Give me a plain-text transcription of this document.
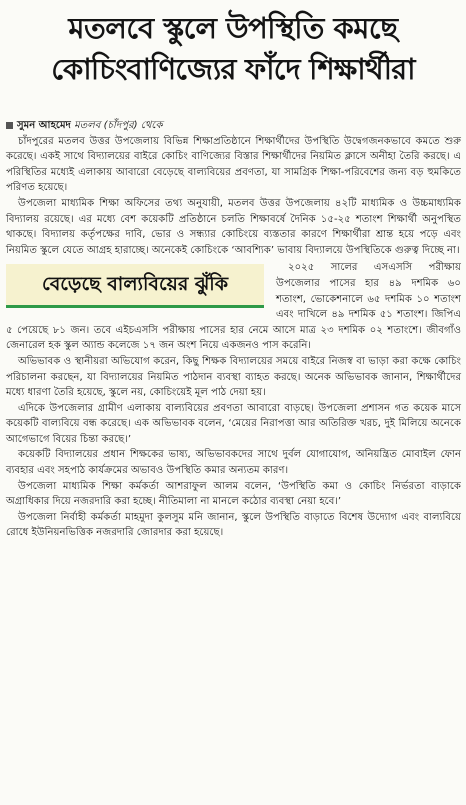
মতলবে স্কুলে উপস্থিতি কমছে
কোচিংবাণিজ্যের ফাঁদে শিক্ষার্থীরা
সুমন আহমেদ মতলব (চাঁদপুর) থেকে

চাঁদপুরের মতলব উত্তর উপজেলায় বিভিন্ন শিক্ষাপ্রতিষ্ঠানে শিক্ষার্থীদের উপস্থিতি উদ্বেগজনকভাবে কমতে শুরু করেছে। একই সাথে বিদ্যালয়ের বাইরে কোচিং বাণিজ্যের বিস্তার শিক্ষার্থীদের নিয়মিত ক্লাসে অনীহা তৈরি করছে। এ পরিস্থিতির মধ্যেই এলাকায় আবারো বেড়েছে বাল্যবিয়ের প্রবণতা, যা সামগ্রিক শিক্ষা-পরিবেশের জন্য বড় হুমকিতে পরিণত হয়েছে।

উপজেলা মাধ্যমিক শিক্ষা অফিসের তথ্য অনুযায়ী, মতলব উত্তর উপজেলায় ৪২টি মাধ্যমিক ও উচ্চমাধ্যমিক বিদ্যালয় রয়েছে। এর মধ্যে বেশ কয়েকটি প্রতিষ্ঠানে চলতি শিক্ষাবর্ষে দৈনিক ১৫-২৫ শতাংশ শিক্ষার্থী অনুপস্থিত থাকছে। বিদ্যালয় কর্তৃপক্ষের দাবি, ভোর ও সন্ধ্যার কোচিংয়ে ব্যস্ততার কারণে শিক্ষার্থীরা শ্রান্ত হয়ে পড়ে এবং নিয়মিত স্কুলে যেতে আগ্রহ হারাচ্ছে। অনেকেই কোচিংকে ‘আবশ্যিক’ ভাবায় বিদ্যালয়ে উপস্থিতিকে গুরুত্ব দিচ্ছে না।

বেড়েছে বাল্যবিয়ের ঝুঁকি

২০২৫ সালের এসএসসি পরীক্ষায় উপজেলার পাসের হার ৪৯ দশমিক ৬০ শতাংশ, ভোকেশনালে ৬৫ দশমিক ১০ শতাংশ এবং দাখিলে ৪৯ দশমিক ৫১ শতাংশ। জিপিএ ৫ পেয়েছে ৮১ জন। তবে এইচএসসি পরীক্ষায় পাসের হার নেমে আসে মাত্র ২৩ দশমিক ০২ শতাংশে। জীবগাঁও জেনারেল হক স্কুল অ্যান্ড কলেজে ১৭ জন অংশ নিয়ে একজনও পাস করেনি।

অভিভাবক ও স্থানীয়রা অভিযোগ করেন, কিছু শিক্ষক বিদ্যালয়ের সময়ে বাইরে নিজস্ব বা ভাড়া করা কক্ষে কোচিং পরিচালনা করছেন, যা বিদ্যালয়ের নিয়মিত পাঠদান ব্যবস্থা ব্যাহত করছে। অনেক অভিভাবক জানান, শিক্ষার্থীদের মধ্যে ধারণা তৈরি হয়েছে, স্কুলে নয়, কোচিংয়েই মূল পাঠ দেয়া হয়।

এদিকে উপজেলার গ্রামীণ এলাকায় বাল্যবিয়ের প্রবণতা আবারো বাড়ছে। উপজেলা প্রশাসন গত কয়েক মাসে কয়েকটি বাল্যবিয়ে বন্ধ করেছে। এক অভিভাবক বলেন, ‘মেয়ের নিরাপত্তা আর অতিরিক্ত খরচ, দুই মিলিয়ে অনেকে আগেভাগে বিয়ের চিন্তা করছে।’

কয়েকটি বিদ্যালয়ের প্রধান শিক্ষকের ভাষ্য, অভিভাবকদের সাথে দুর্বল যোগাযোগ, অনিয়ন্ত্রিত মোবাইল ফোন ব্যবহার এবং সহপাঠ কার্যক্রমের অভাবও উপস্থিতি কমার অন্যতম কারণ।

উপজেলা মাধ্যমিক শিক্ষা কর্মকর্তা আশরাফুল আলম বলেন, ‘উপস্থিতি কমা ও কোচিং নির্ভরতা বাড়াকে অগ্রাধিকার দিয়ে নজরদারি করা হচ্ছে। নীতিমালা না মানলে কঠোর ব্যবস্থা নেয়া হবে।’

উপজেলা নির্বাহী কর্মকর্তা মাহমুদা কুলসুম মনি জানান, স্কুলে উপস্থিতি বাড়াতে বিশেষ উদ্যোগ এবং বাল্যবিয়ে রোধে ইউনিয়নভিত্তিক নজরদারি জোরদার করা হয়েছে।
